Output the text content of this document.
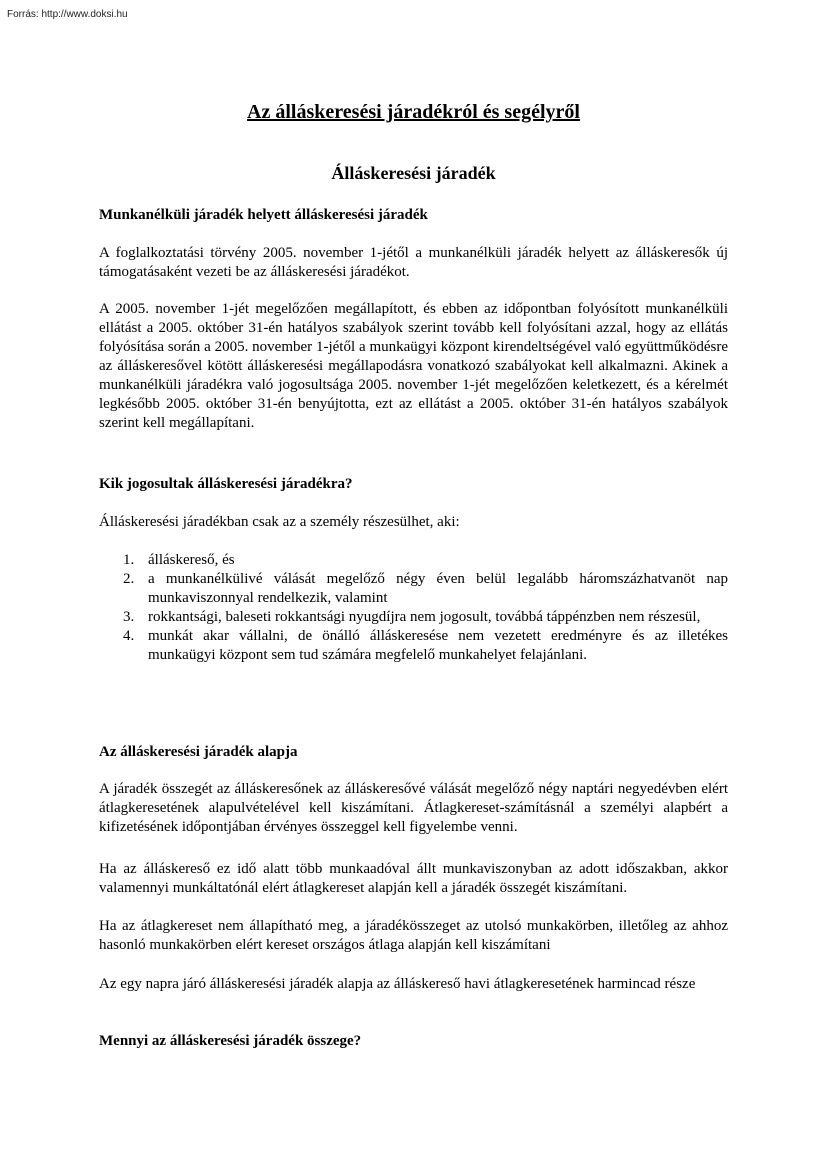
Forrás: http://www.doksi.hu
Az álláskeresési járadékról és segélyről
Álláskeresési járadék
Munkanélküli járadék helyett álláskeresési járadék

A foglalkoztatási törvény 2005. november 1-jétől a munkanélküli járadék helyett az álláskeresők új támogatásaként vezeti be az álláskeresési járadékot.

A 2005. november 1-jét megelőzően megállapított, és ebben az időpontban folyósított munkanélküli ellátást a 2005. október 31-én hatályos szabályok szerint tovább kell folyósítani azzal, hogy az ellátás folyósítása során a 2005. november 1-jétől a munkaügyi központ kirendeltségével való együttműködésre az álláskeresővel kötött álláskeresési megállapodásra vonatkozó szabályokat kell alkalmazni. Akinek a munkanélküli járadékra való jogosultsága 2005. november 1-jét megelőzően keletkezett, és a kérelmét legkésőbb 2005. október 31-én benyújtotta, ezt az ellátást a 2005. október 31-én hatályos szabályok szerint kell megállapítani.

Kik jogosultak álláskeresési járadékra?

Álláskeresési járadékban csak az a személy részesülhet, aki:

1. álláskereső, és
2. a munkanélkülivé válását megelőző négy éven belül legalább háromszázhatvanöt nap munkaviszonnyal rendelkezik, valamint
3. rokkantsági, baleseti rokkantsági nyugdíjra nem jogosult, továbbá táppénzben nem részesül,
4. munkát akar vállalni, de önálló álláskeresése nem vezetett eredményre és az illetékes munkaügyi központ sem tud számára megfelelő munkahelyet felajánlani.
Az álláskeresési járadék alapja

A járadék összegét az álláskeresőnek az álláskeresővé válását megelőző négy naptári negyedévben elért átlagkeresetének alapulvételével kell kiszámítani. Átlagkereset-számításnál a személyi alapbért a kifizetésének időpontjában érvényes összeggel kell figyelembe venni.

Ha az álláskereső ez idő alatt több munkaadóval állt munkaviszonyban az adott időszakban, akkor valamennyi munkáltatónál elért átlagkereset alapján kell a járadék összegét kiszámítani.

Ha az átlagkereset nem állapítható meg, a járadékösszeget az utolsó munkakörben, illetőleg az ahhoz hasonló munkakörben elért kereset országos átlaga alapján kell kiszámítani

Az egy napra járó álláskeresési járadék alapja az álláskereső havi átlagkeresetének harmincad része

Mennyi az álláskeresési járadék összege?
